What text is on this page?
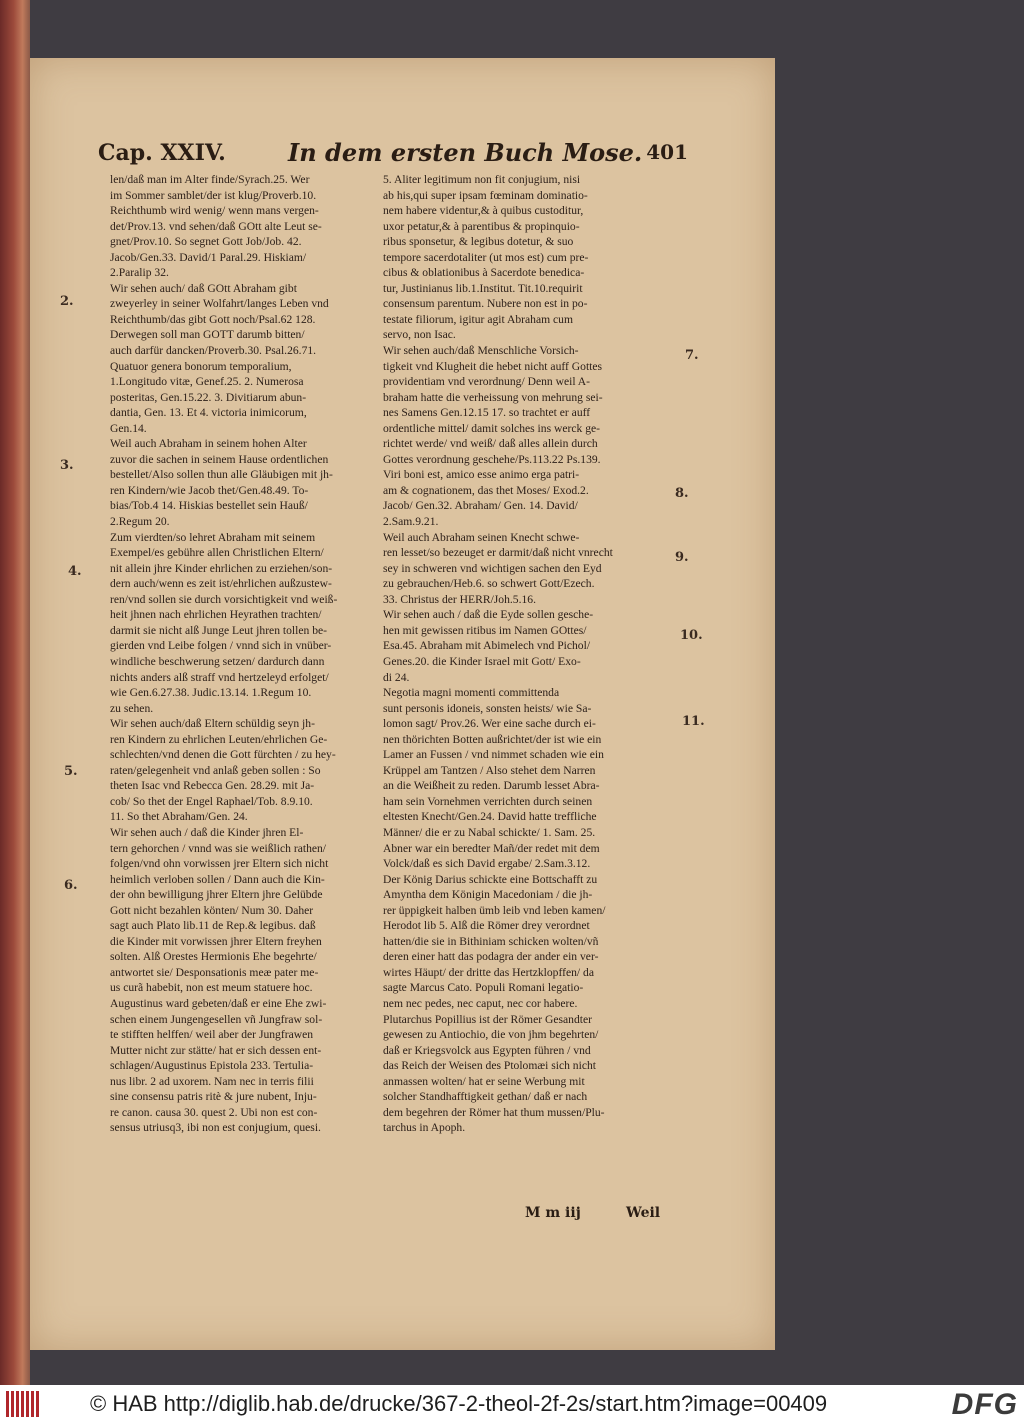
Cap. XXIV.	In dem ersten Buch Mose. 401
len/daß man im Alter finde/Syrach.25. Wer
im Sommer samblet/der ist klug/Proverb.10.
Reichthumb wird wenig/ wenn mans vergen-
det/Prov.13. vnd sehen/daß GOtt alte Leut se-
gnet/Prov.10. So segnet Gott Job/Job. 42.
Jacob/Gen.33. David/1 Paral.29. Hiskiam/
2.Paralip 32.
Wir sehen auch/ daß GOtt Abraham gibt
zweyerley in seiner Wolfahrt/langes Leben vnd
Reichthumb/das gibt Gott noch/Psal.62 128.
Derwegen soll man GOTT darumb bitten/
auch darfür dancken/Proverb.30. Psal.26.71.
Quatuor genera bonorum temporalium,
1.Longitudo vitæ, Genef.25. 2. Numerosa
posteritas, Gen.15.22. 3. Divitiarum abun-
dantia, Gen. 13. Et 4. victoria inimicorum,
Gen.14.
Weil auch Abraham in seinem hohen Alter
zuvor die sachen in seinem Hause ordentlichen
bestellet/Also sollen thun alle Gläubigen mit jh-
ren Kindern/wie Jacob thet/Gen.48.49. To-
bias/Tob.4 14. Hiskias bestellet sein Hauß/
2.Regum 20.
Zum vierdten/so lehret Abraham mit seinem
Exempel/es gebühre allen Christlichen Eltern/
nit allein jhre Kinder ehrlichen zu erziehen/son-
dern auch/wenn es zeit ist/ehrlichen außzustew-
ren/vnd sollen sie durch vorsichtigkeit vnd weiß-
heit jhnen nach ehrlichen Heyrathen trachten/
darmit sie nicht alß Junge Leut jhren tollen be-
gierden vnd Leibe folgen / vnnd sich in vnüber-
windliche beschwerung setzen/ dardurch dann
nichts anders alß straff vnd hertzeleyd erfolget/
wie Gen.6.27.38. Judic.13.14. 1.Regum 10.
zu sehen.
Wir sehen auch/daß Eltern schüldig seyn jh-
ren Kindern zu ehrlichen Leuten/ehrlichen Ge-
schlechten/vnd denen die Gott fürchten / zu hey-
raten/gelegenheit vnd anlaß geben sollen : So
theten Isac vnd Rebecca Gen. 28.29. mit Ja-
cob/ So thet der Engel Raphael/Tob. 8.9.10.
11. So thet Abraham/Gen. 24.
Wir sehen auch / daß die Kinder jhren El-
tern gehorchen / vnnd was sie weißlich rathen/
folgen/vnd ohn vorwissen jrer Eltern sich nicht
heimlich verloben sollen / Dann auch die Kin-
der ohn bewilligung jhrer Eltern jhre Gelübde
Gott nicht bezahlen könten/ Num 30. Daher
sagt auch Plato lib.11 de Rep.& legibus. daß
die Kinder mit vorwissen jhrer Eltern freyhen
solten. Alß Orestes Hermionis Ehe begehrte/
antwortet sie/ Desponsationis meæ pater me-
us curã habebit, non est meum statuere hoc.
Augustinus ward gebeten/daß er eine Ehe zwi-
schen einem Jungengesellen vñ Jungfraw sol-
te stifften helffen/ weil aber der Jungfrawen
Mutter nicht zur stätte/ hat er sich dessen ent-
schlagen/Augustinus Epistola 233. Tertulia-
nus libr. 2 ad uxorem. Nam nec in terris filii
sine consensu patris ritè & jure nubent, Inju-
re canon. causa 30. quest 2. Ubi non est con-
sensus utriusq3, ibi non est conjugium, quesi.
5. Aliter legitimum non fit conjugium, nisi
ab his,qui super ipsam fœminam dominatio-
nem habere videntur,& à quibus custoditur,
uxor petatur,& à parentibus & propinquio-
ribus sponsetur, & legibus dotetur, & suo
tempore sacerdotaliter (ut mos est) cum pre-
cibus & oblationibus à Sacerdote benedica-
tur, Justinianus lib.1.Institut. Tit.10.requirit
consensum parentum. Nubere non est in po-
testate filiorum, igitur agit Abraham cum
servo, non Isac.
Wir sehen auch/daß Menschliche Vorsich-
tigkeit vnd Klugheit die hebet nicht auff Gottes
providentiam vnd verordnung/ Denn weil A-
braham hatte die verheissung von mehrung sei-
nes Samens Gen.12.15 17. so trachtet er auff
ordentliche mittel/ damit solches ins werck ge-
richtet werde/ vnd weiß/ daß alles allein durch
Gottes verordnung geschehe/Ps.113.22 Ps.139.
Viri boni est, amico esse animo erga patri-
am & cognationem, das thet Moses/ Exod.2.
Jacob/ Gen.32. Abraham/ Gen. 14. David/
2.Sam.9.21.
Weil auch Abraham seinen Knecht schwe-
ren lesset/so bezeuget er darmit/daß nicht vnrecht
sey in schweren vnd wichtigen sachen den Eyd
zu gebrauchen/Heb.6. so schwert Gott/Ezech.
33. Christus der HERR/Joh.5.16.
Wir sehen auch / daß die Eyde sollen gesche-
hen mit gewissen ritibus im Namen GOttes/
Esa.45. Abraham mit Abimelech vnd Pichol/
Genes.20. die Kinder Israel mit Gott/ Exo-
di 24.
Negotia magni momenti committenda
sunt personis idoneis, sonsten heists/ wie Sa-
lomon sagt/ Prov.26. Wer eine sache durch ei-
nen thörichten Botten außrichtet/der ist wie ein
Lamer an Fussen / vnd nimmet schaden wie ein
Krüppel am Tantzen / Also stehet dem Narren
an die Weißheit zu reden. Darumb lesset Abra-
ham sein Vornehmen verrichten durch seinen
eltesten Knecht/Gen.24. David hatte treffliche
Männer/ die er zu Nabal schickte/ 1. Sam. 25.
Abner war ein beredter Mañ/der redet mit dem
Volck/daß es sich David ergabe/ 2.Sam.3.12.
Der König Darius schickte eine Bottschafft zu
Amyntha dem Königin Macedoniam / die jh-
rer üppigkeit halben ümb leib vnd leben kamen/
Herodot lib 5. Alß die Römer drey verordnet
hatten/die sie in Bithiniam schicken wolten/vñ
deren einer hatt das podagra der ander ein ver-
wirtes Häupt/ der dritte das Hertzklopffen/ da
sagte Marcus Cato. Populi Romani legatio-
nem nec pedes, nec caput, nec cor habere.
Plutarchus Popillius ist der Römer Gesandter
gewesen zu Antiochio, die von jhm begehrten/
daß er Kriegsvolck aus Egypten führen / vnd
das Reich der Weisen des Ptolomæi sich nicht
anmassen wolten/ hat er seine Werbung mit
solcher Standhafftigkeit gethan/ daß er nach
dem begehren der Römer hat thum mussen/Plu-
tarchus in Apoph.
2.
3.
4.
5.
6.
7.
8.
9.
10.
11.
M m iij	Weil
© HAB http://diglib.hab.de/drucke/367-2-theol-2f-2s/start.htm?image=00409	DFG
